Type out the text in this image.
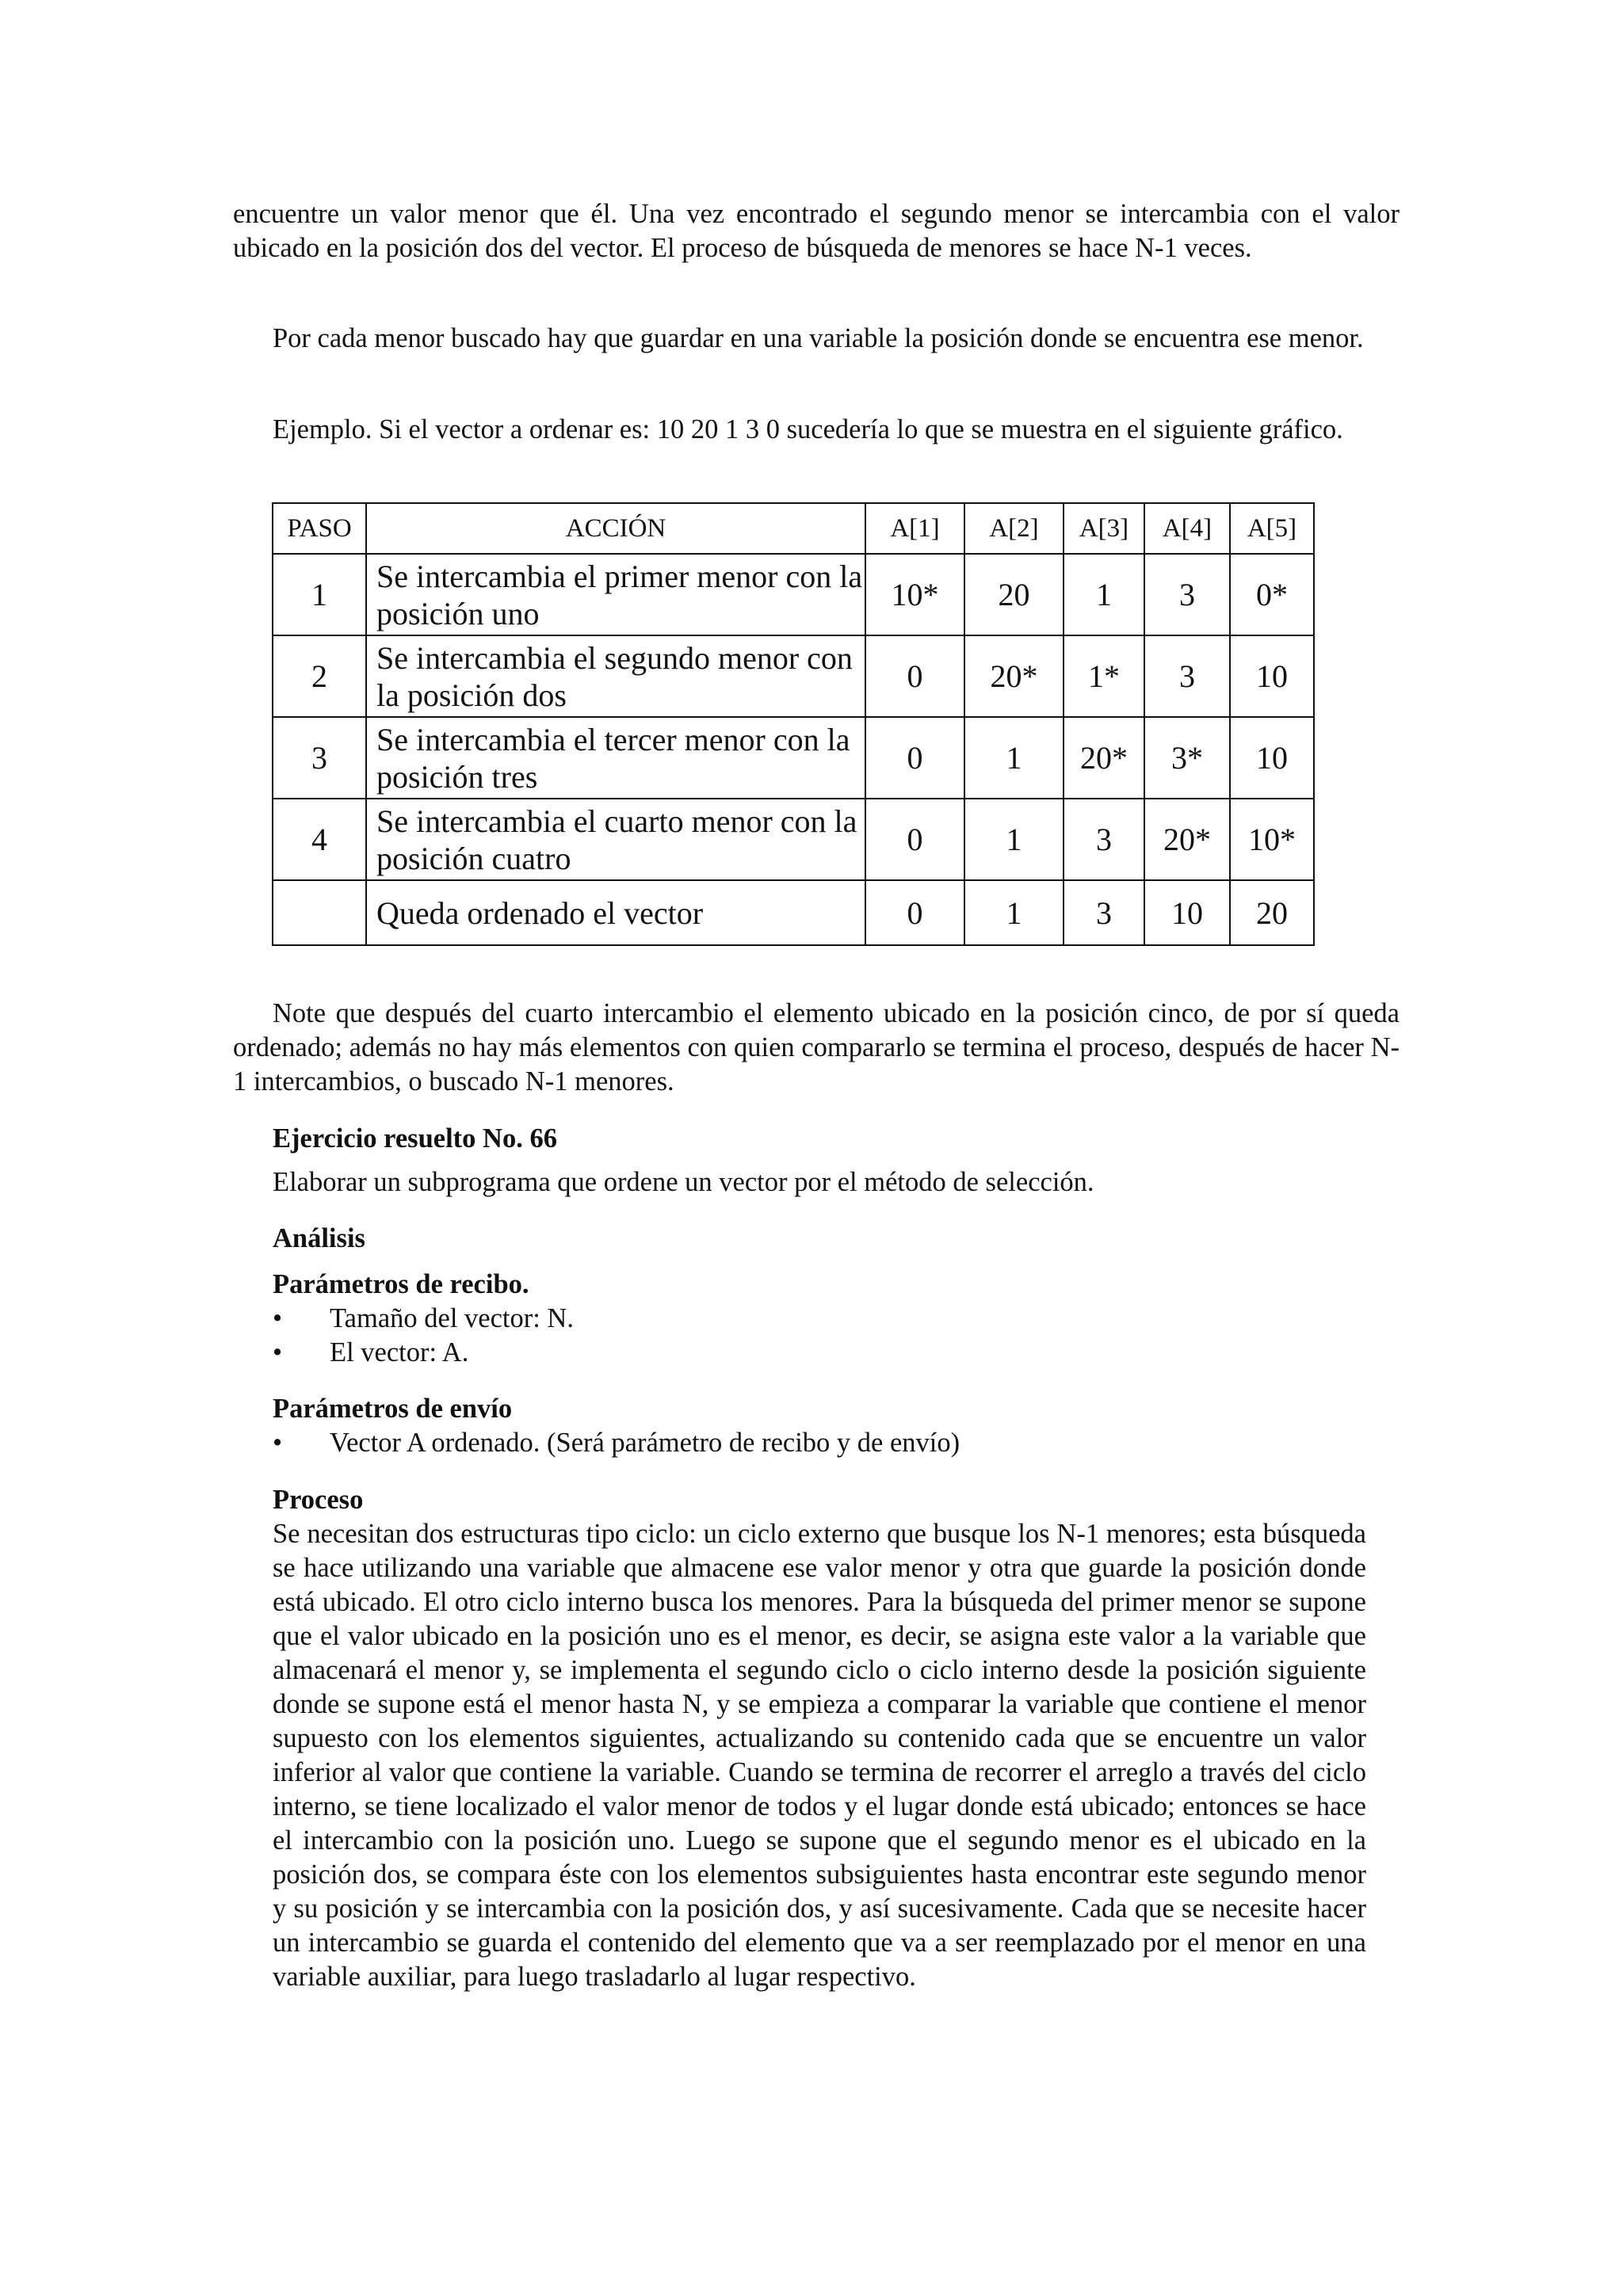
encuentre un valor menor que él. Una vez encontrado el segundo menor se intercambia con el valor ubicado en la posición dos del vector. El proceso de búsqueda de menores se hace N-1 veces.

Por cada menor buscado hay que guardar en una variable la posición donde se encuentra ese menor.

Ejemplo. Si el vector a ordenar es: 10 20 1 3 0 sucedería lo que se muestra en el siguiente gráfico.

PASO	ACCIÓN	A[1]	A[2]	A[3]	A[4]	A[5]
1	Se intercambia el primer menor con la posición uno	10*	20	1	3	0*
2	Se intercambia el segundo menor con la posición dos	0	20*	1*	3	10
3	Se intercambia el tercer menor con la posición tres	0	1	20*	3*	10
4	Se intercambia el cuarto menor con la posición cuatro	0	1	3	20*	10*
	Queda ordenado el vector	0	1	3	10	20

Note que después del cuarto intercambio el elemento ubicado en la posición cinco, de por sí queda ordenado; además no hay más elementos con quien compararlo se termina el proceso, después de hacer N-1 intercambios, o buscado N-1 menores.

Ejercicio resuelto No. 66

Elaborar un subprograma que ordene un vector por el método de selección.

Análisis

Parámetros de recibo.

• Tamaño del vector: N.
• El vector: A.

Parámetros de envío

• Vector A ordenado. (Será parámetro de recibo y de envío)

Proceso

Se necesitan dos estructuras tipo ciclo: un ciclo externo que busque los N-1 menores; esta búsqueda se hace utilizando una variable que almacene ese valor menor y otra que guarde la posición donde está ubicado. El otro ciclo interno busca los menores. Para la búsqueda del primer menor se supone que el valor ubicado en la posición uno es el menor, es decir, se asigna este valor a la variable que almacenará el menor y, se implementa el segundo ciclo o ciclo interno desde la posición siguiente donde se supone está el menor hasta N, y se empieza a comparar la variable que contiene el menor supuesto con los elementos siguientes, actualizando su contenido cada que se encuentre un valor inferior al valor que contiene la variable. Cuando se termina de recorrer el arreglo a través del ciclo interno, se tiene localizado el valor menor de todos y el lugar donde está ubicado; entonces se hace el intercambio con la posición uno. Luego se supone que el segundo menor es el ubicado en la posición dos, se compara éste con los elementos subsiguientes hasta encontrar este segundo menor y su posición y se intercambia con la posición dos, y así sucesivamente. Cada que se necesite hacer un intercambio se guarda el contenido del elemento que va a ser reemplazado por el menor en una variable auxiliar, para luego trasladarlo al lugar respectivo.
